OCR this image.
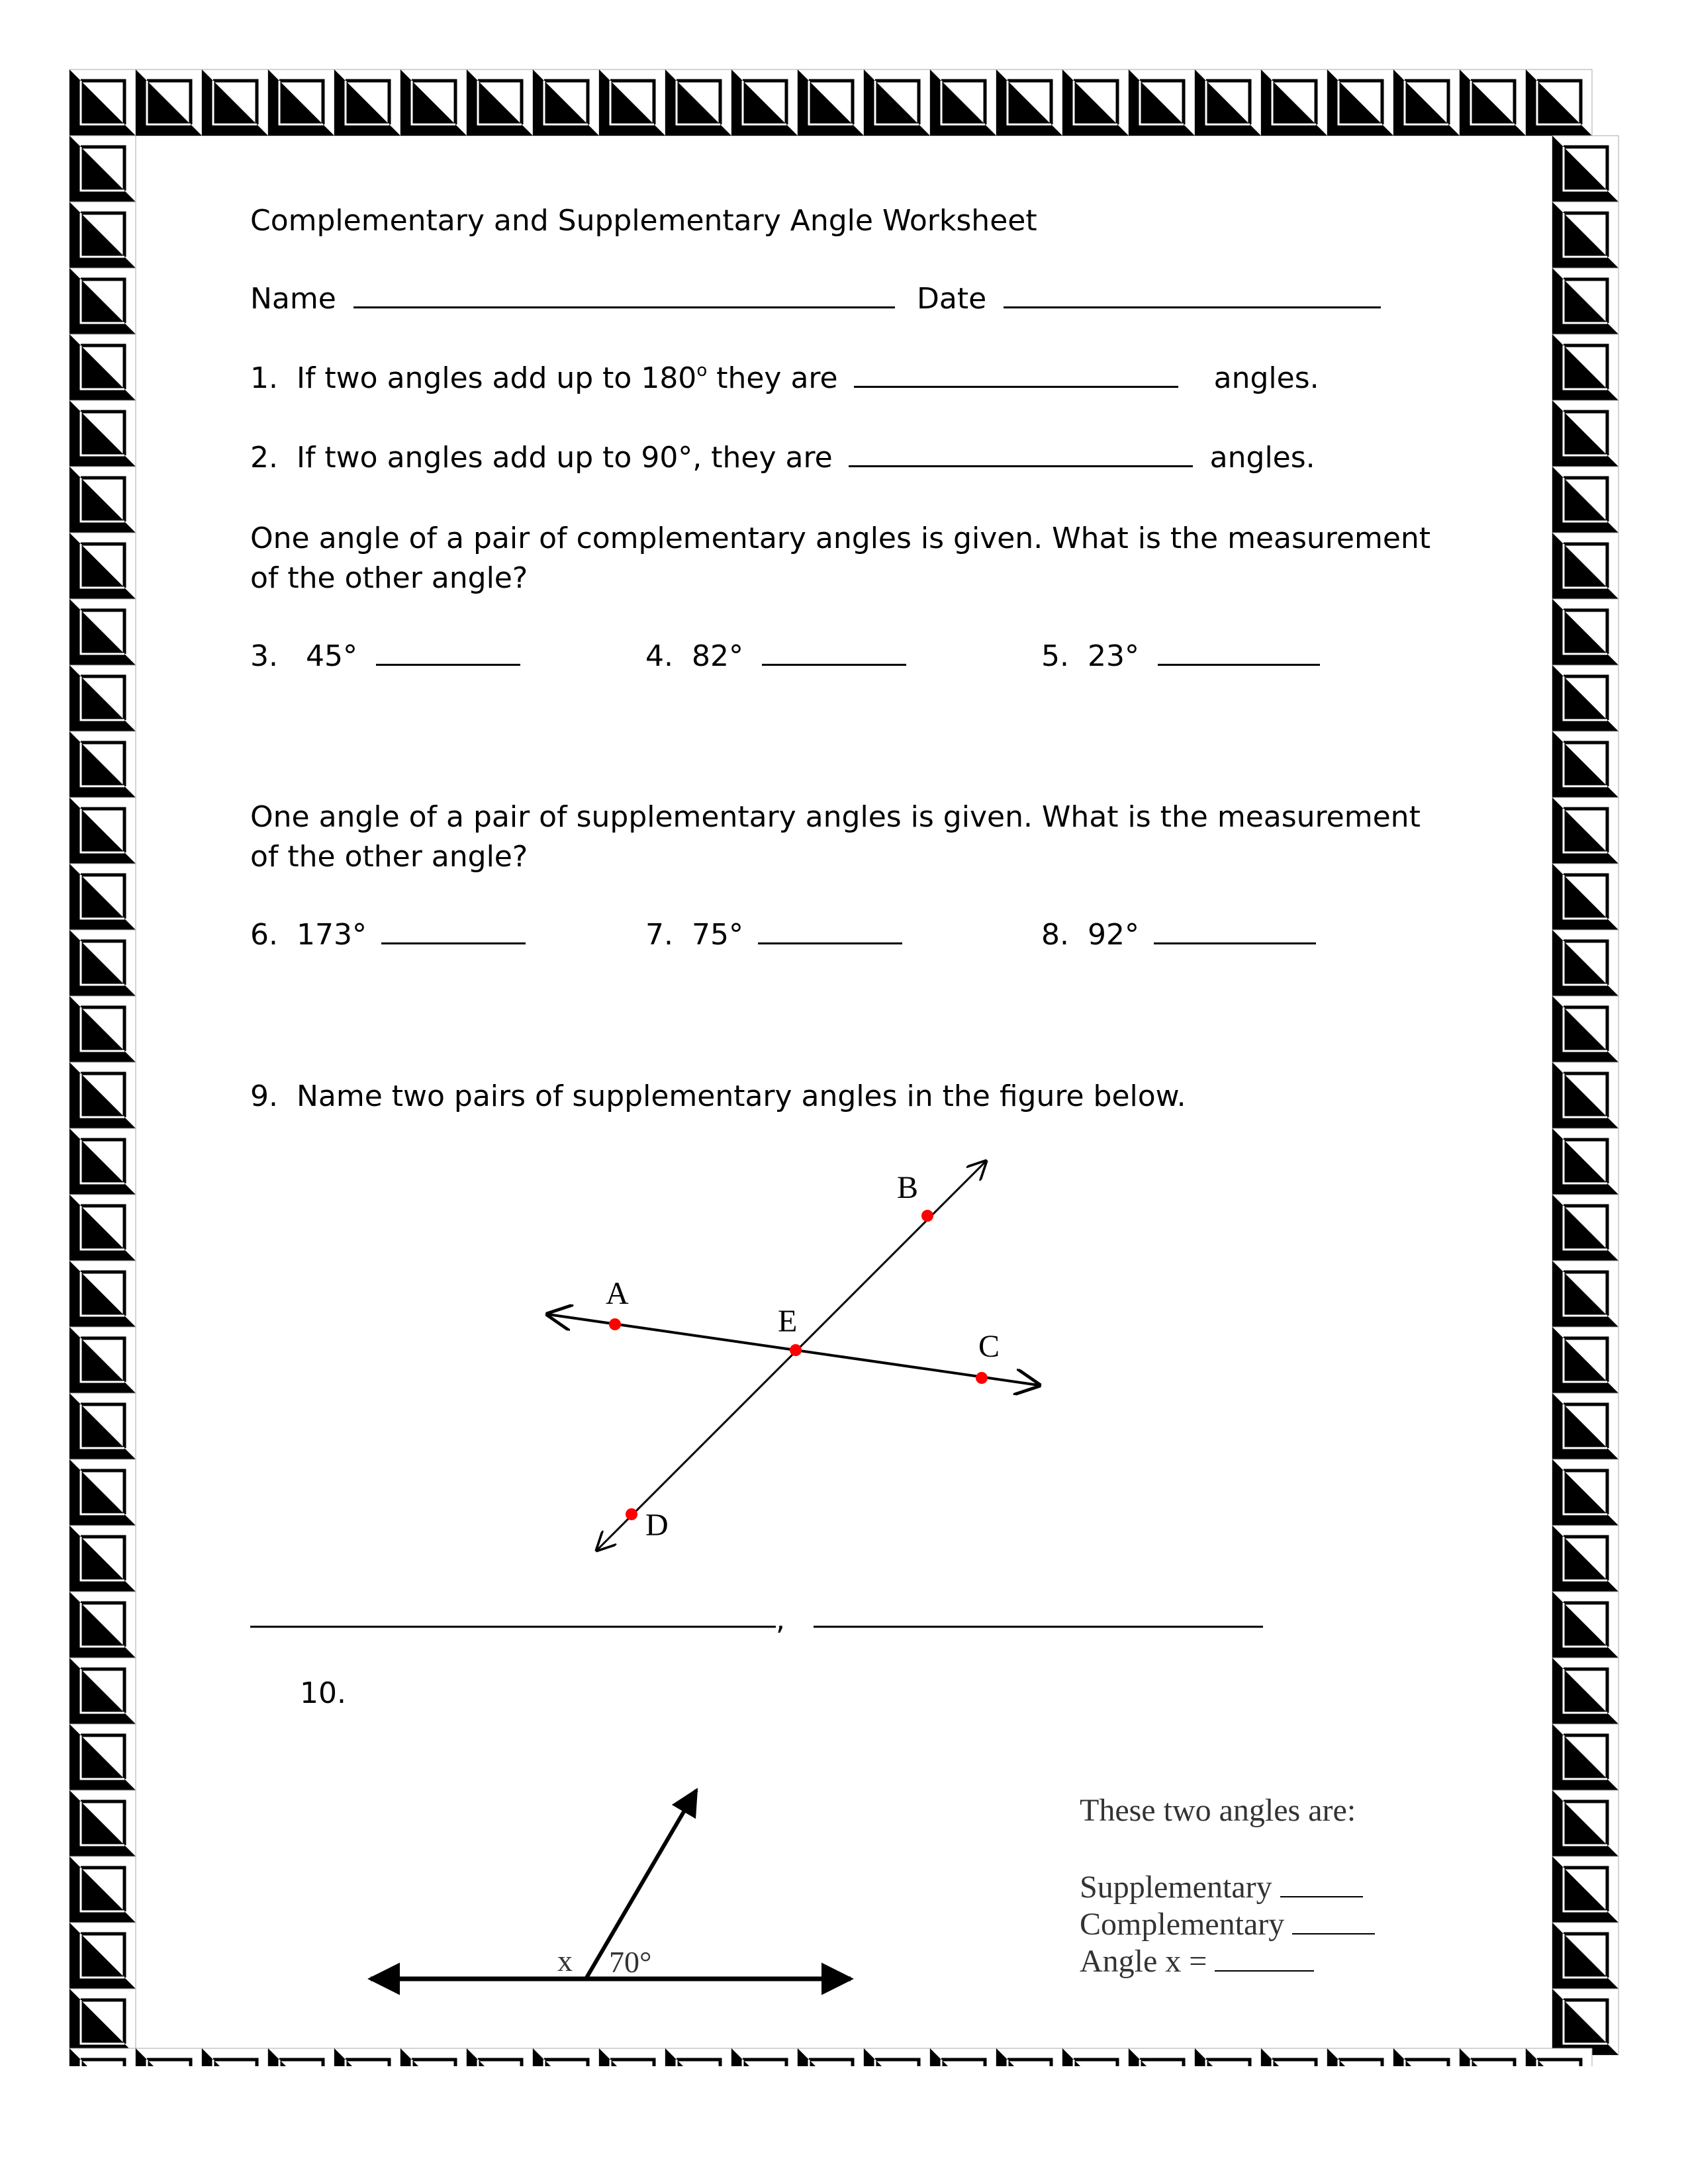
Complementary and Supplementary Angle Worksheet
Name	Date
1. If two angles add up to 180$^o$ they are	angles.
2. If two angles add up to 90°, they are	angles.
One angle of a pair of complementary angles is given. What is the measurement
of the other angle?
3. 45°	4. 82°	5. 23°
One angle of a pair of supplementary angles is given. What is the measurement
of the other angle?
6. 173°	7. 75°	8. 92°
9. Name two pairs of supplementary angles in the figure below.
A
B
E
C
D
,
x 70°
10.
These two angles are:
Supplementary
Complementary
Angle x =
